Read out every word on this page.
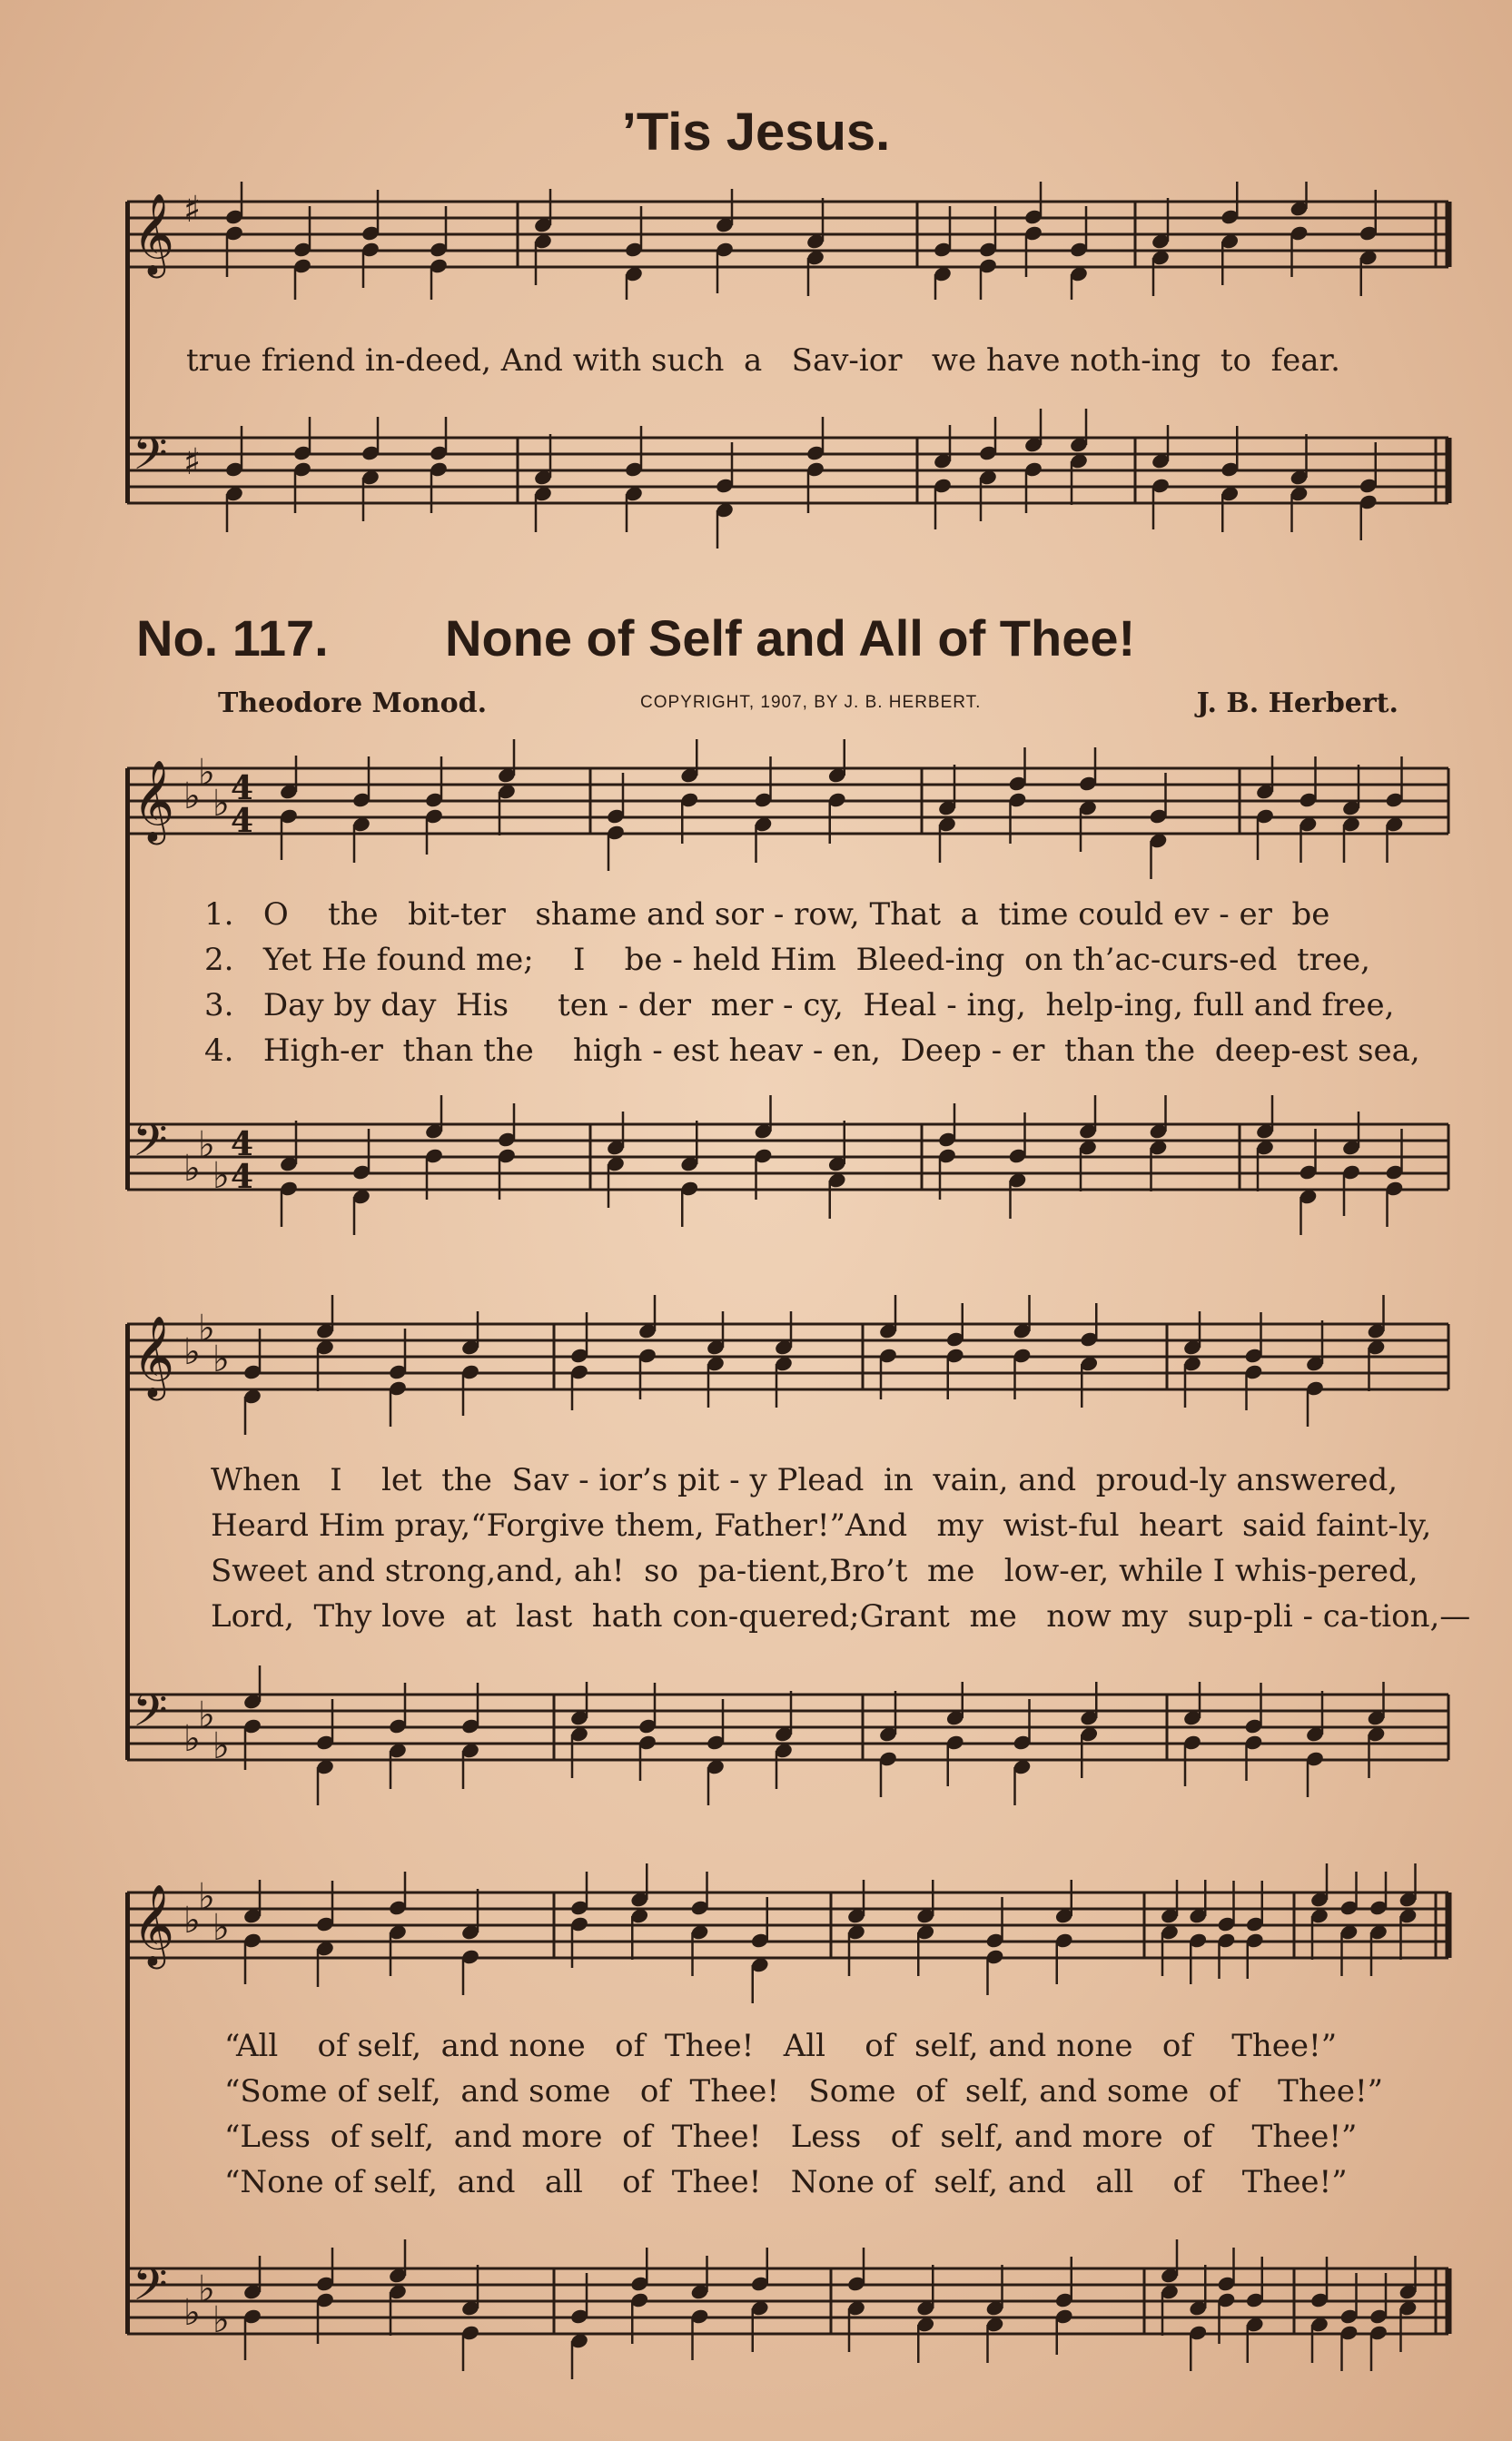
’Tis Jesus.
𝄞 ♯
true friend in-deed, And with such  a   Sav-ior   we have noth-ing  to  fear.
𝄢 ♯
No. 117. None of Self and All of Thee!
Theodore Monod.	COPYRIGHT, 1907, BY J. B. HERBERT.	J. B. Herbert.
𝄞 ♭
♭
♭ 4
4
1.   O    the   bit-ter   shame and sor - row, That  a  time could ev - er  be
2.   Yet He found me;    I    be - held Him  Bleed-ing  on th’ac-curs-ed  tree,
3.   Day by day  His     ten - der  mer - cy,  Heal - ing,  help-ing, full and free,
4.   High-er  than the    high - est heav - en,  Deep - er  than the  deep-est sea,
𝄢 ♭
♭
♭
4
4
𝄞 ♭
♭
♭
When   I    let  the  Sav - ior’s pit - y Plead  in  vain, and  proud-ly answered,
Heard Him pray,“Forgive them, Father!”And   my  wist-ful  heart  said faint-ly,
Sweet and strong,and, ah!  so  pa-tient,Bro’t  me   low-er, while I whis-pered,
Lord,  Thy love  at  last  hath con-quered;Grant  me   now my  sup-pli - ca-tion,—
𝄢 ♭
♭
♭
𝄞 ♭
♭
♭
“All    of self,  and none   of  Thee!   All    of  self, and none   of    Thee!”
“Some of self,  and some   of  Thee!   Some  of  self, and some  of    Thee!”
“Less  of self,  and more  of  Thee!   Less   of  self, and more  of    Thee!”
“None of self,  and   all    of  Thee!   None of  self, and   all    of    Thee!”
𝄢 ♭
♭
♭
